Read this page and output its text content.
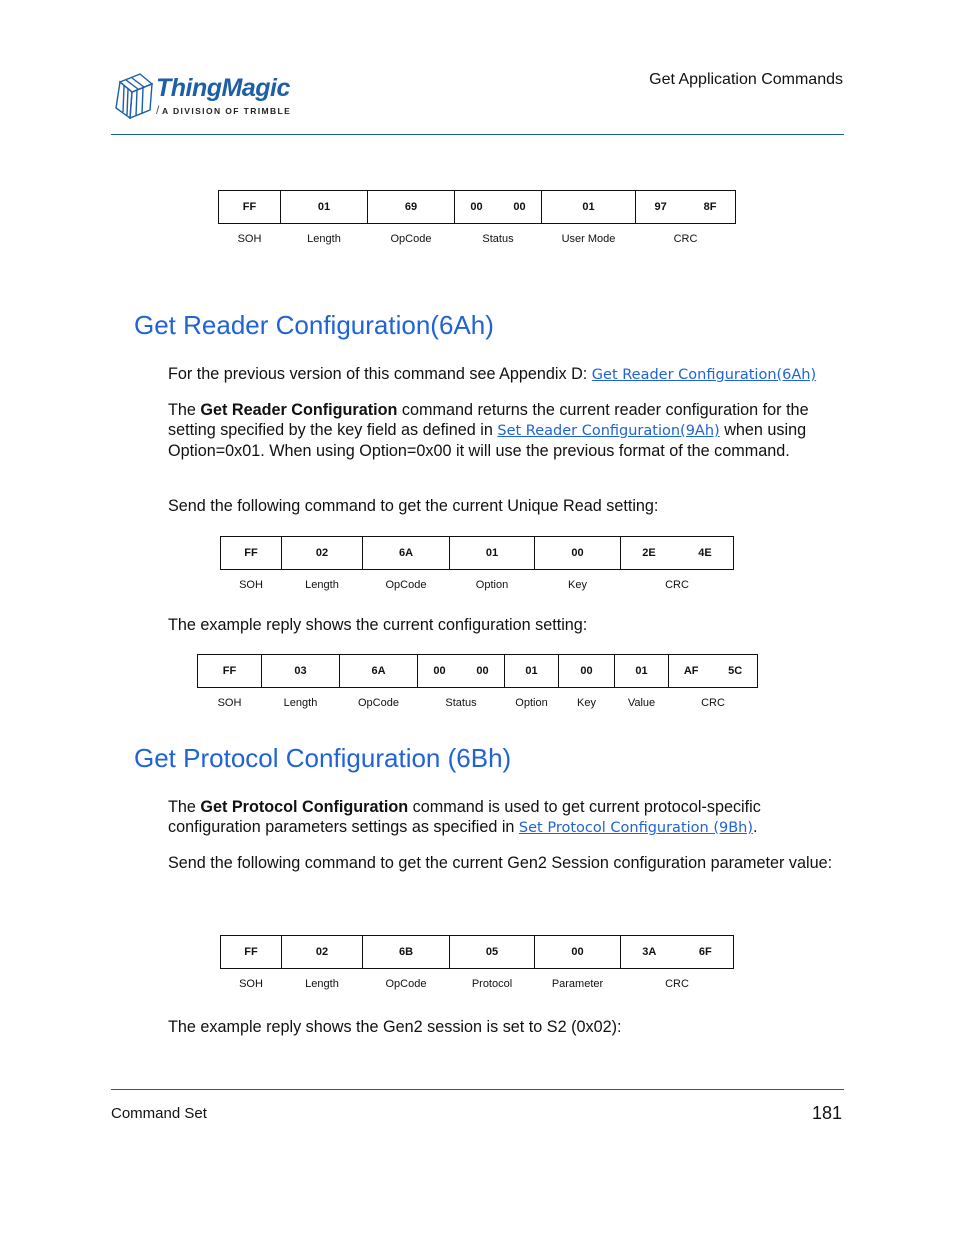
ThingMagic
/ A DIVISION OF TRIMBLE
Get Application Commands
FF	01	69	00 00	01	97 8F

SOH	Length	OpCode	Status	User Mode	CRC
Get Reader Configuration(6Ah)
For the previous version of this command see Appendix D: Get Reader Configuration(6Ah)
The Get Reader Configuration command returns the current reader configuration for the setting specified by the key field as defined in Set Reader Configuration(9Ah) when using Option=0x01. When using Option=0x00 it will use the previous format of the command.
Send the following command to get the current Unique Read setting:
FF	02	6A	01	00	2E 4E

SOH	Length	OpCode	Option	Key	CRC
The example reply shows the current configuration setting:
FF	03	6A	00 00	01	00	01	AF 5C

SOH	Length	OpCode	Status	Option	Key	Value	CRC
Get Protocol Configuration (6Bh)
The Get Protocol Configuration command is used to get current protocol-specific configuration parameters settings as specified in Set Protocol Configuration (9Bh).
Send the following command to get the current Gen2 Session configuration parameter value:
FF	02	6B	05	00	3A 6F

SOH	Length	OpCode	Protocol	Parameter	CRC
The example reply shows the Gen2 session is set to S2 (0x02):
Command Set	181
